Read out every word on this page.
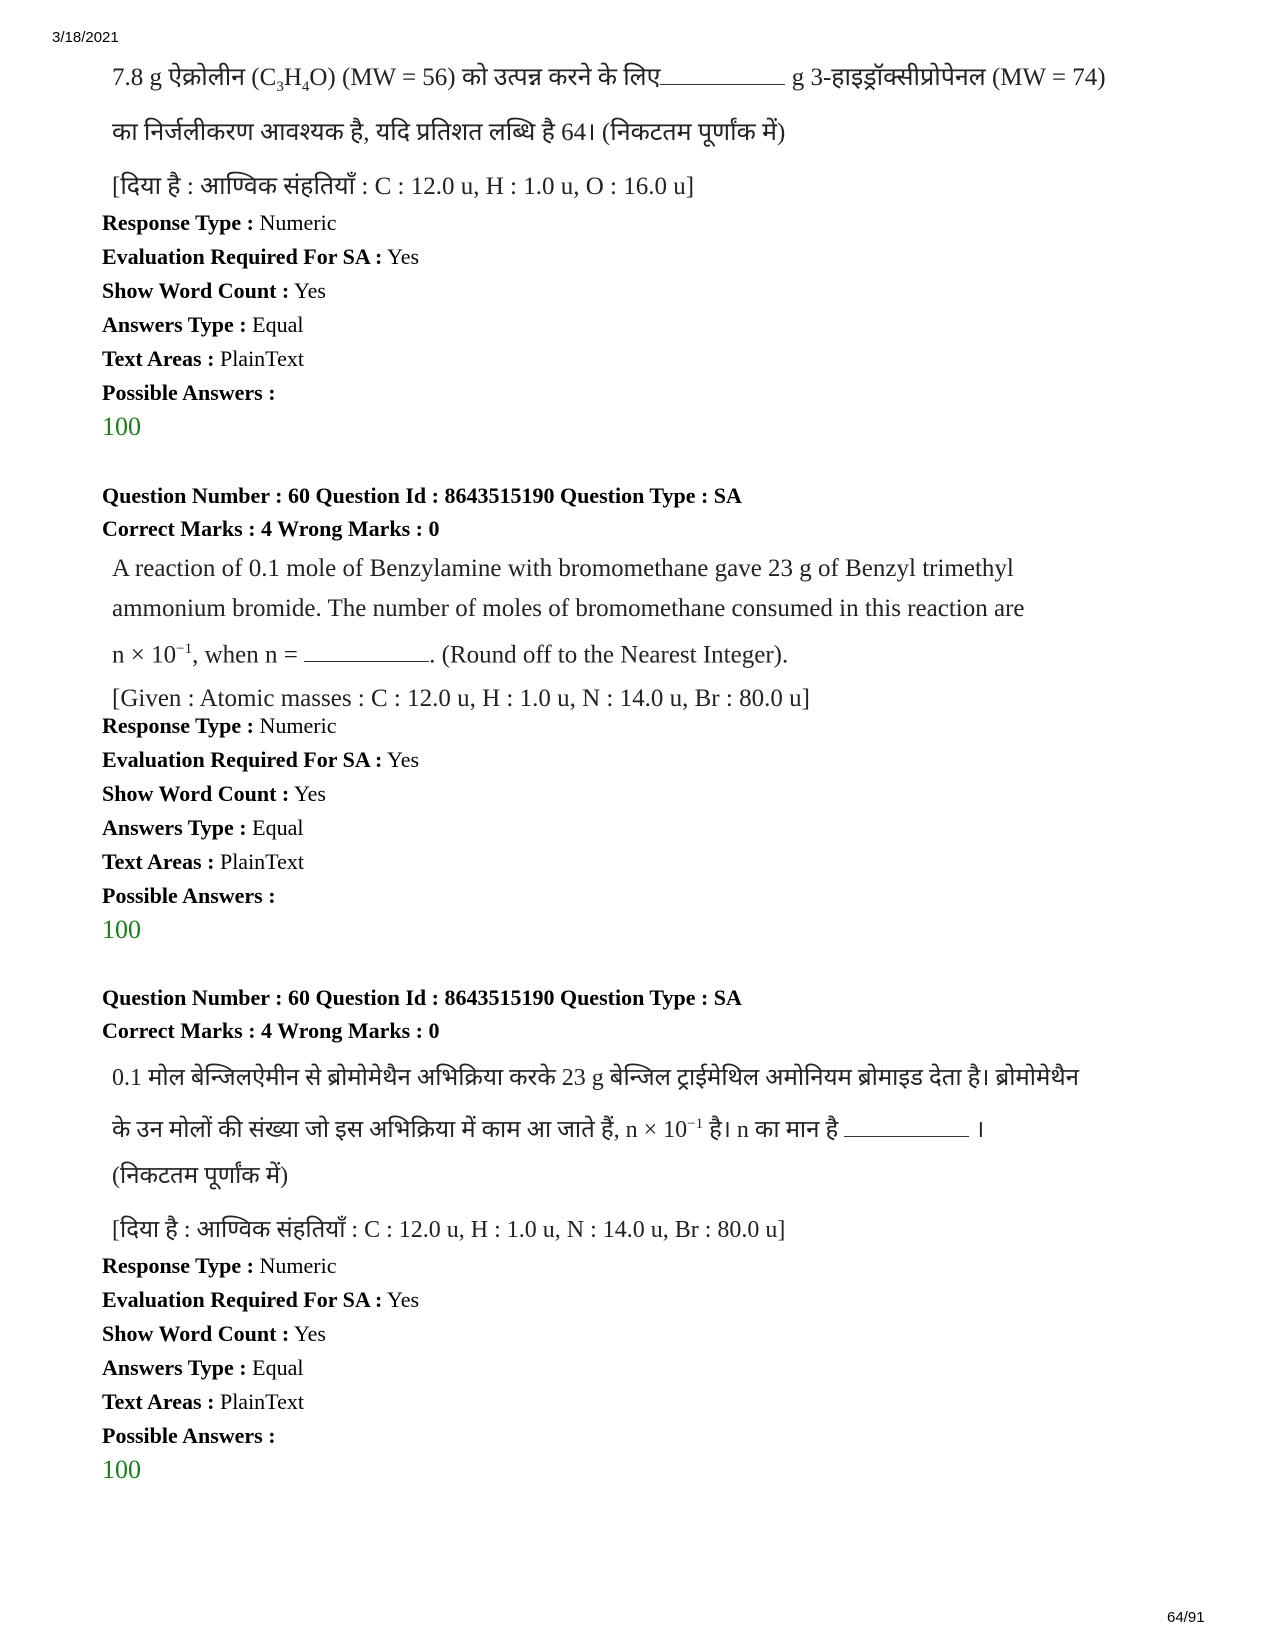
3/18/2021

7.8 g ऐक्रोलीन $(C_3H_4O) (MW = 56)$ को उत्पन्न करने के लिए	g 3-हाइड्रॉक्सीप्रोपेनल (MW = 74)

का निर्जलीकरण आवश्यक है, यदि प्रतिशत लब्धि है 64। (निकटतम पूर्णांक में)

[दिया है : आण्विक संहतियाँ : C : 12.0 u, H : 1.0 u, O : 16.0 u]

Response Type : Numeric
Evaluation Required For SA : Yes
Show Word Count : Yes
Answers Type : Equal
Text Areas : PlainText
Possible Answers :
100
Question Number : 60 Question Id : 8643515190 Question Type : SA
Correct Marks : 4 Wrong Marks : 0

A reaction of 0.1 mole of Benzylamine with bromomethane gave 23 g of Benzyl trimethyl

ammonium bromide. The number of moles of bromomethane consumed in this reaction are

$n \times 10^{-1}$, when n =	. (Round off to the Nearest Integer).

[Given : Atomic masses : C : 12.0 u, H : 1.0 u, N : 14.0 u, Br : 80.0 u]

Response Type : Numeric
Evaluation Required For SA : Yes
Show Word Count : Yes
Answers Type : Equal
Text Areas : PlainText
Possible Answers :
100
Question Number : 60 Question Id : 8643515190 Question Type : SA
Correct Marks : 4 Wrong Marks : 0

0.1 मोल बेन्जिलऐमीन से ब्रोमोमेथैन अभिक्रिया करके 23 g बेन्जिल ट्राईमेथिल अमोनियम ब्रोमाइड देता है। ब्रोमोमेथैन

के उन मोलों की संख्या जो इस अभिक्रिया में काम आ जाते हैं, $n \times 10^{-1}$ है। n का मान है	।

(निकटतम पूर्णांक में)

[दिया है : आण्विक संहतियाँ : C : 12.0 u, H : 1.0 u, N : 14.0 u, Br : 80.0 u]

Response Type : Numeric
Evaluation Required For SA : Yes
Show Word Count : Yes
Answers Type : Equal
Text Areas : PlainText
Possible Answers :
100
64/91
